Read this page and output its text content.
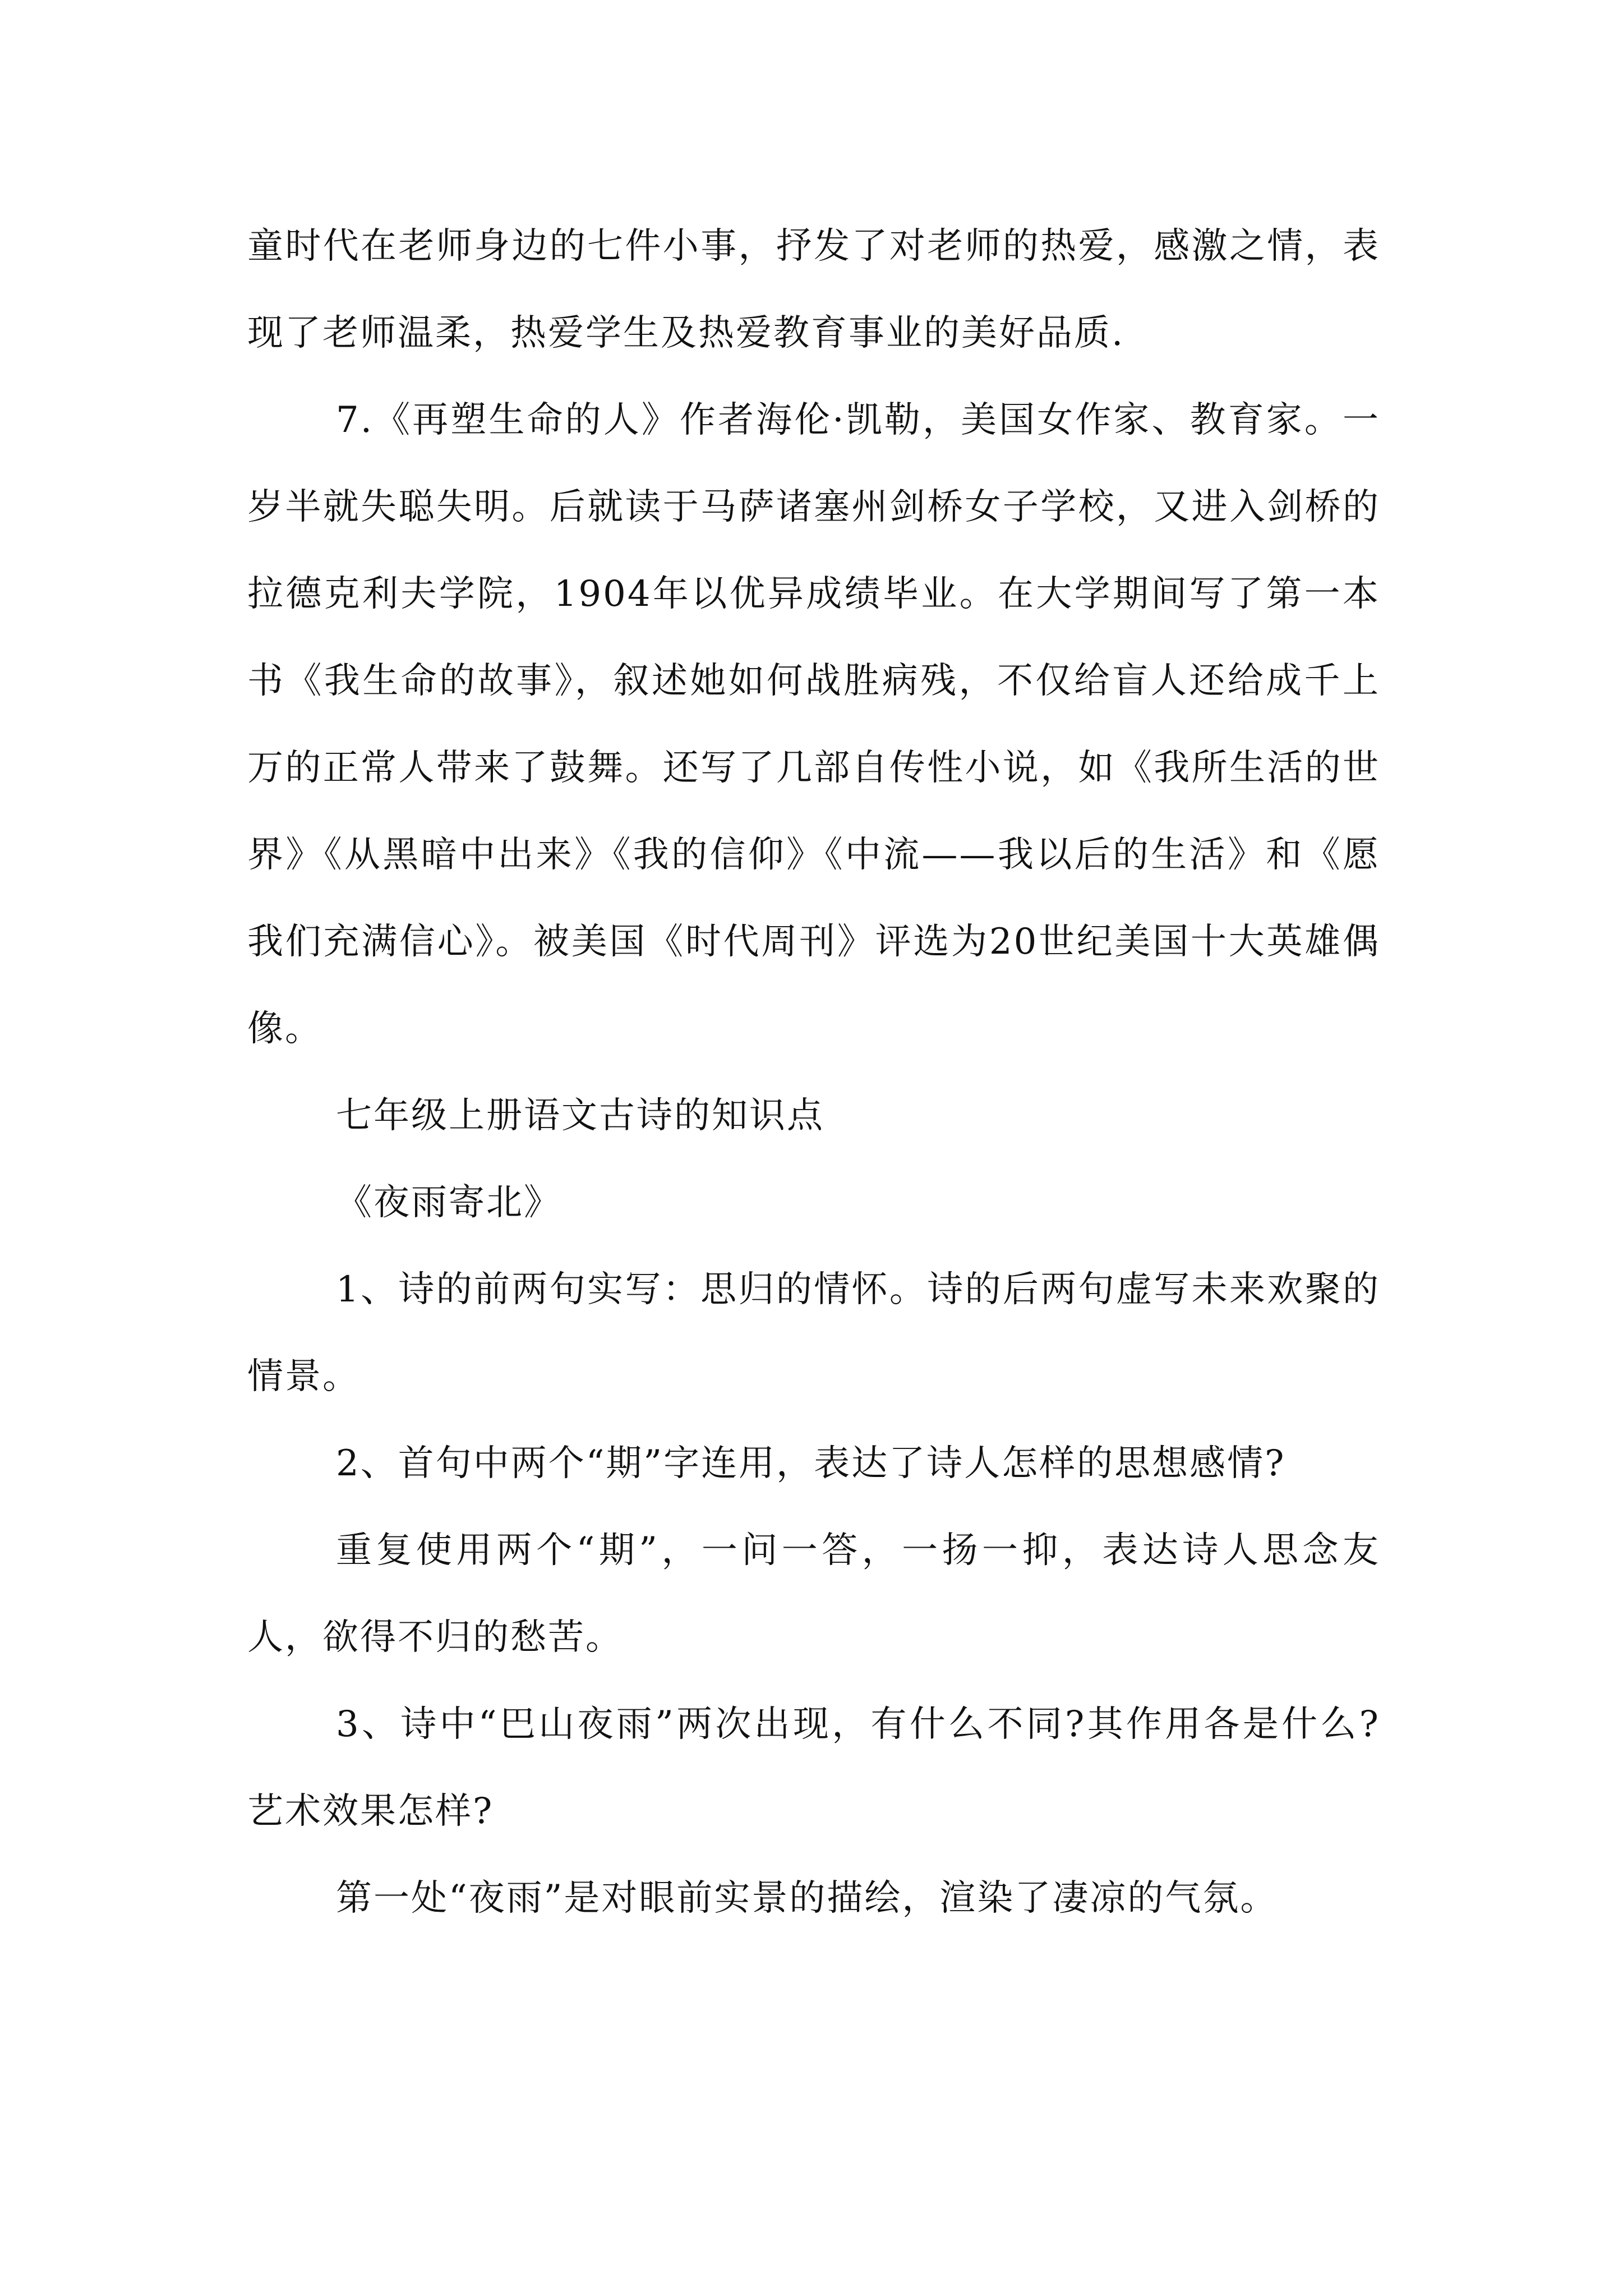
童时代在老师身边的七件小事，抒发了对老师的热爱，感激之情，表现了老师温柔，热爱学生及热爱教育事业的美好品质.

7.《再塑生命的人》作者海伦·凯勒，美国女作家、教育家。一岁半就失聪失明。后就读于马萨诸塞州剑桥女子学校，又进入剑桥的拉德克利夫学院，1904年以优异成绩毕业。在大学期间写了第一本书《我生命的故事》，叙述她如何战胜病残，不仅给盲人还给成千上万的正常人带来了鼓舞。还写了几部自传性小说，如《我所生活的世界》《从黑暗中出来》《我的信仰》《中流——我以后的生活》和《愿我们充满信心》。被美国《时代周刊》评选为20世纪美国十大英雄偶像。

七年级上册语文古诗的知识点

《夜雨寄北》

1、诗的前两句实写：思归的情怀。诗的后两句虚写未来欢聚的情景。

2、首句中两个“期”字连用，表达了诗人怎样的思想感情?

重复使用两个“期”，一问一答，一扬一抑，表达诗人思念友人，欲得不归的愁苦。

3、诗中“巴山夜雨”两次出现，有什么不同?其作用各是什么?艺术效果怎样?

第一处“夜雨”是对眼前实景的描绘，渲染了凄凉的气氛。
